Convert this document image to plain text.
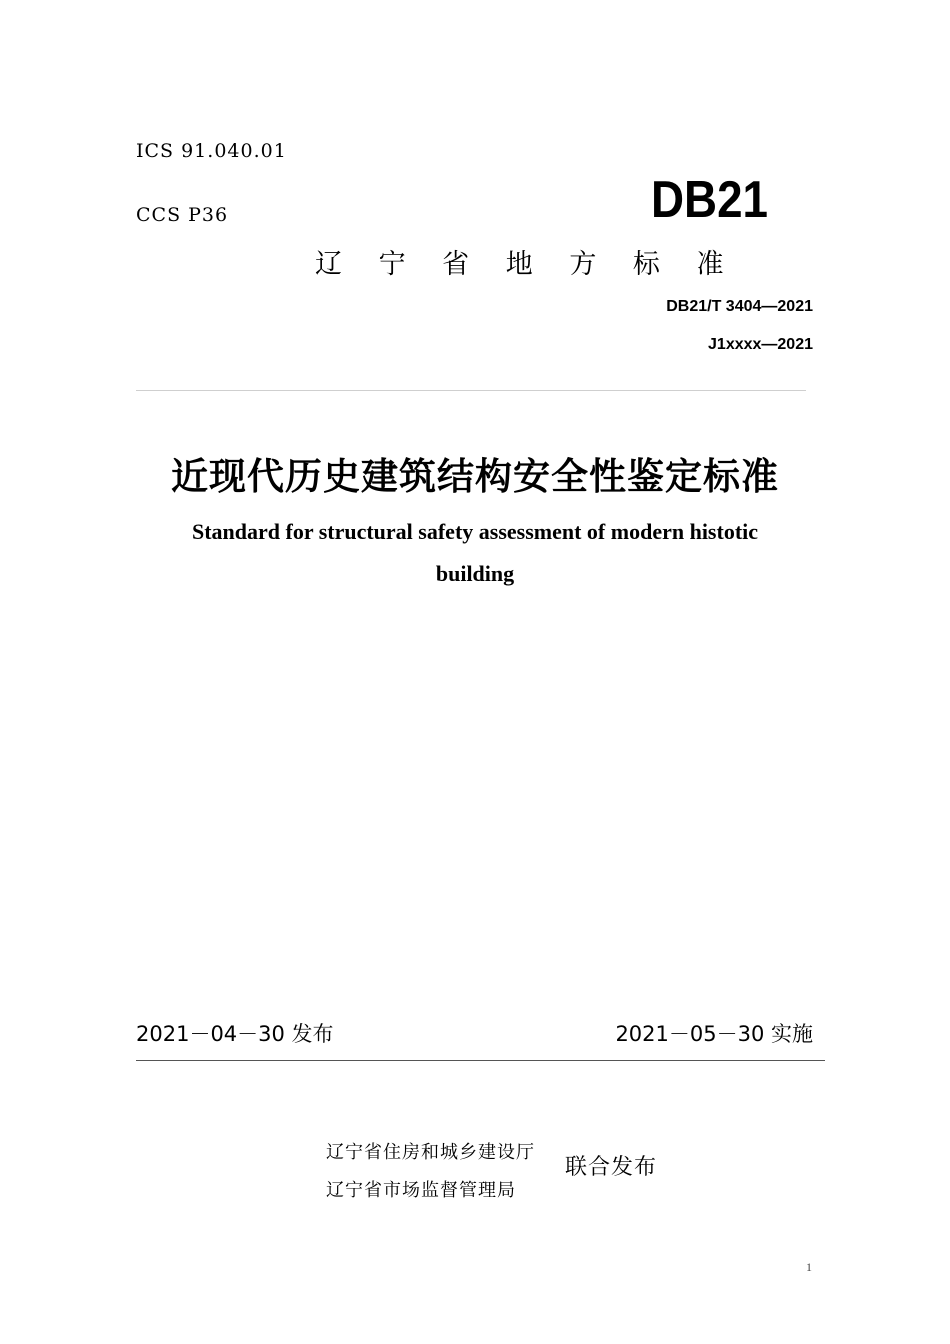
ICS 91.040.01
CCS P36	DB21
辽 宁 省 地 方 标 准
DB21/T 3404—2021
J1xxxx—2021
近现代历史建筑结构安全性鉴定标准
Standard for structural safety assessment of modern histotic
building
2021－04－30 发布	2021－05－30 实施
辽宁省住房和城乡建设厅
辽宁省市场监督管理局
联合发布
1
